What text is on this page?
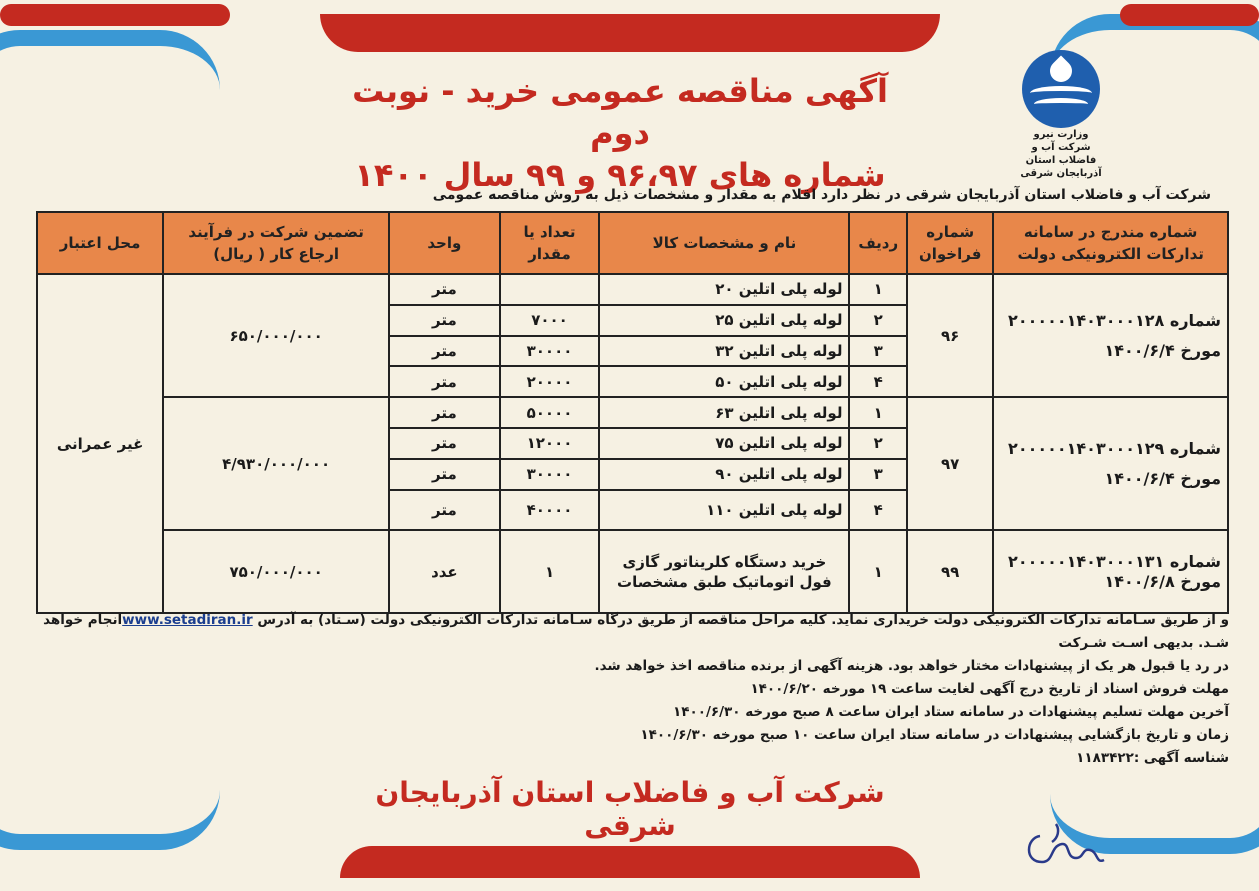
وزارت نیرو
شرکت آب و فاضلاب استان
آذربایجان شرقی
آگهی مناقصه عمومی خرید - نوبت دوم
شماره های ۹۶،۹۷ و ۹۹ سال ۱۴۰۰
شرکت آب و فاضلاب استان آذربایجان شرقی در نظر دارد اقلام به مقدار و مشخصات ذیل به روش مناقصه عمومی
شماره مندرج در سامانه تدارکات الکترونیکی دولت	شماره فراخوان	ردیف	نام و مشخصات کالا	تعداد یا مقدار	واحد	تضمین شرکت در فرآیند ارجاع کار ( ریال)	محل اعتبار

شماره ۲۰۰۰۰۰۱۴۰۳۰۰۰۱۲۸
مورخ ۱۴۰۰/۶/۴	۹۶	۱	لوله پلی اتلین ۲۰		متر	۶۵۰/۰۰۰/۰۰۰	غیر عمرانی
		۲	لوله پلی اتلین ۲۵	۷۰۰۰	متر		
		۳	لوله پلی اتلین ۳۲	۳۰۰۰۰	متر		
		۴	لوله پلی اتلین ۵۰	۲۰۰۰۰	متر		

شماره ۲۰۰۰۰۰۱۴۰۳۰۰۰۱۲۹
مورخ ۱۴۰۰/۶/۴	۹۷	۱	لوله پلی اتلین ۶۳	۵۰۰۰۰	متر	۴/۹۳۰/۰۰۰/۰۰۰	
		۲	لوله پلی اتلین ۷۵	۱۲۰۰۰	متر		
		۳	لوله پلی اتلین ۹۰	۳۰۰۰۰	متر		
		۴	لوله پلی اتلین ۱۱۰	۴۰۰۰۰	متر		

شماره ۲۰۰۰۰۰۱۴۰۳۰۰۰۱۳۱
مورخ ۱۴۰۰/۶/۸	۹۹	۱	خرید دستگاه کلریناتور گازی فول اتوماتیک طبق مشخصات	۱	عدد	۷۵۰/۰۰۰/۰۰۰	
و از طریق سـامانه تدارکات الکترونیکی دولت خریداری نماید. کلیه مراحل مناقصه از طریق درگاه سـامانه تدارکات الکترونیکی دولت (سـتاد) به آدرس www.setadiran.irانجام خواهد شـد. بدیهی اسـت شـرکت
در رد یا قبول هر یک از پیشنهادات مختار خواهد بود. هزینه آگهی از برنده مناقصه اخذ خواهد شد.
مهلت فروش اسناد از تاریخ درج آگهی لغایت ساعت ۱۹ مورخه ۱۴۰۰/۶/۲۰
آخرین مهلت تسلیم پیشنهادات در سامانه ستاد ایران ساعت ۸ صبح مورخه ۱۴۰۰/۶/۳۰
زمان و تاریخ بازگشایی پیشنهادات در سامانه ستاد ایران ساعت ۱۰ صبح مورخه ۱۴۰۰/۶/۳۰
شناسه آگهی :۱۱۸۳۴۲۲
شرکت آب و فاضلاب استان آذربایجان شرقی
